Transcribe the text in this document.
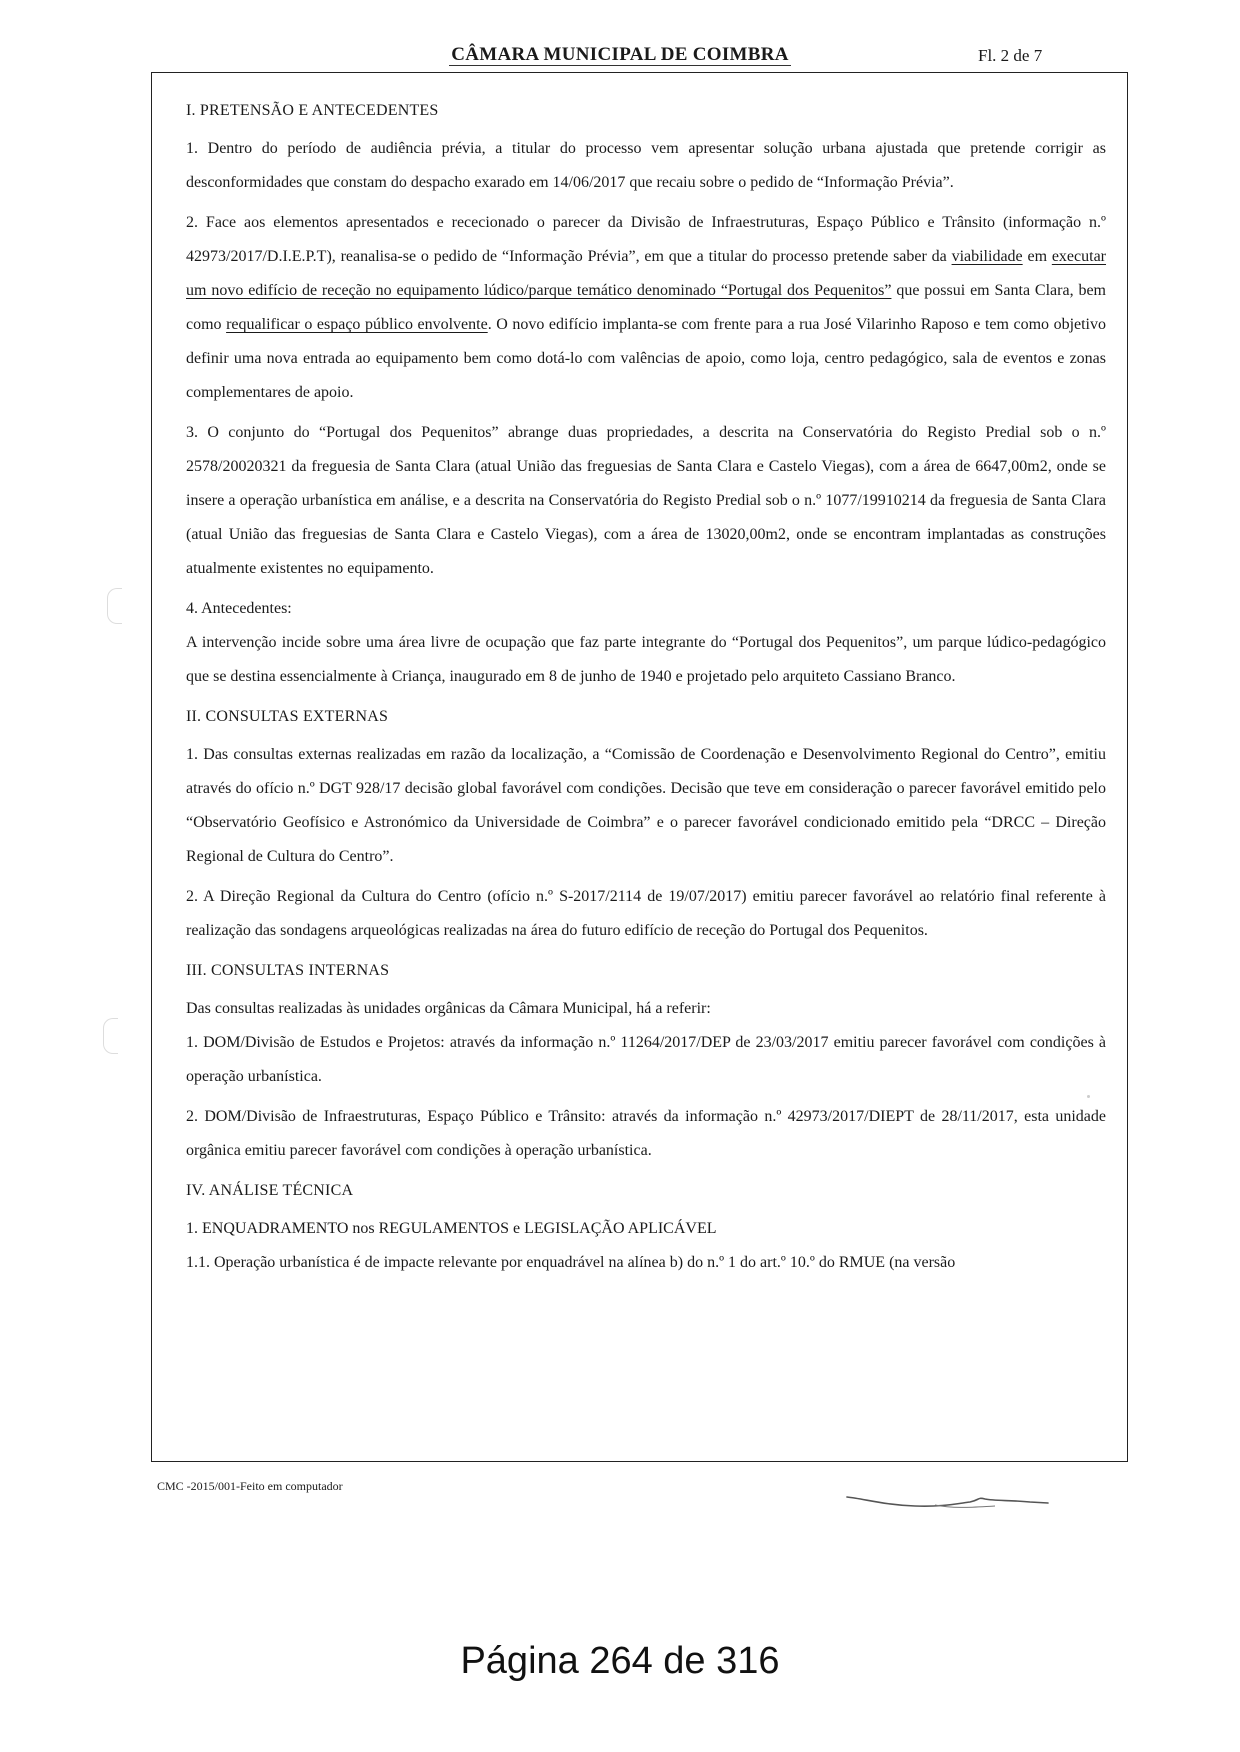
CÂMARA MUNICIPAL DE COIMBRA	Fl. 2 de 7
I. PRETENSÃO E ANTECEDENTES

1. Dentro do período de audiência prévia, a titular do processo vem apresentar solução urbana ajustada que pretende corrigir as desconformidades que constam do despacho exarado em 14/06/2017 que recaiu sobre o pedido de “Informação Prévia”.

2. Face aos elementos apresentados e rececionado o parecer da Divisão de Infraestruturas, Espaço Público e Trânsito (informação n.º 42973/2017/D.I.E.P.T), reanalisa-se o pedido de “Informação Prévia”, em que a titular do processo pretende saber da viabilidade em executar um novo edifício de receção no equipamento lúdico/parque temático denominado “Portugal dos Pequenitos” que possui em Santa Clara, bem como requalificar o espaço público envolvente. O novo edifício implanta-se com frente para a rua José Vilarinho Raposo e tem como objetivo definir uma nova entrada ao equipamento bem como dotá-lo com valências de apoio, como loja, centro pedagógico, sala de eventos e zonas complementares de apoio.

3. O conjunto do “Portugal dos Pequenitos” abrange duas propriedades, a descrita na Conservatória do Registo Predial sob o n.º 2578/20020321 da freguesia de Santa Clara (atual União das freguesias de Santa Clara e Castelo Viegas), com a área de 6647,00m2, onde se insere a operação urbanística em análise, e a descrita na Conservatória do Registo Predial sob o n.º 1077/19910214 da freguesia de Santa Clara (atual União das freguesias de Santa Clara e Castelo Viegas), com a área de 13020,00m2, onde se encontram implantadas as construções atualmente existentes no equipamento.

4. Antecedentes:

A intervenção incide sobre uma área livre de ocupação que faz parte integrante do “Portugal dos Pequenitos”, um parque lúdico-pedagógico que se destina essencialmente à Criança, inaugurado em 8 de junho de 1940 e projetado pelo arquiteto Cassiano Branco.

II. CONSULTAS EXTERNAS

1. Das consultas externas realizadas em razão da localização, a “Comissão de Coordenação e Desenvolvimento Regional do Centro”, emitiu através do ofício n.º DGT 928/17 decisão global favorável com condições. Decisão que teve em consideração o parecer favorável emitido pelo “Observatório Geofísico e Astronómico da Universidade de Coimbra” e o parecer favorável condicionado emitido pela “DRCC – Direção Regional de Cultura do Centro”.

2. A Direção Regional da Cultura do Centro (ofício n.º S-2017/2114 de 19/07/2017) emitiu parecer favorável ao relatório final referente à realização das sondagens arqueológicas realizadas na área do futuro edifício de receção do Portugal dos Pequenitos.

III. CONSULTAS INTERNAS

Das consultas realizadas às unidades orgânicas da Câmara Municipal, há a referir:

1. DOM/Divisão de Estudos e Projetos: através da informação n.º 11264/2017/DEP de 23/03/2017 emitiu parecer favorável com condições à operação urbanística.

2. DOM/Divisão de Infraestruturas, Espaço Público e Trânsito: através da informação n.º 42973/2017/DIEPT de 28/11/2017, esta unidade orgânica emitiu parecer favorável com condições à operação urbanística.

IV. ANÁLISE TÉCNICA

1. ENQUADRAMENTO nos REGULAMENTOS e LEGISLAÇÃO APLICÁVEL

1.1. Operação urbanística é de impacte relevante por enquadrável na alínea b) do n.º 1 do art.º 10.º do RMUE (na versão

CMC -2015/001-Feito em computador
Página 264 de 316
